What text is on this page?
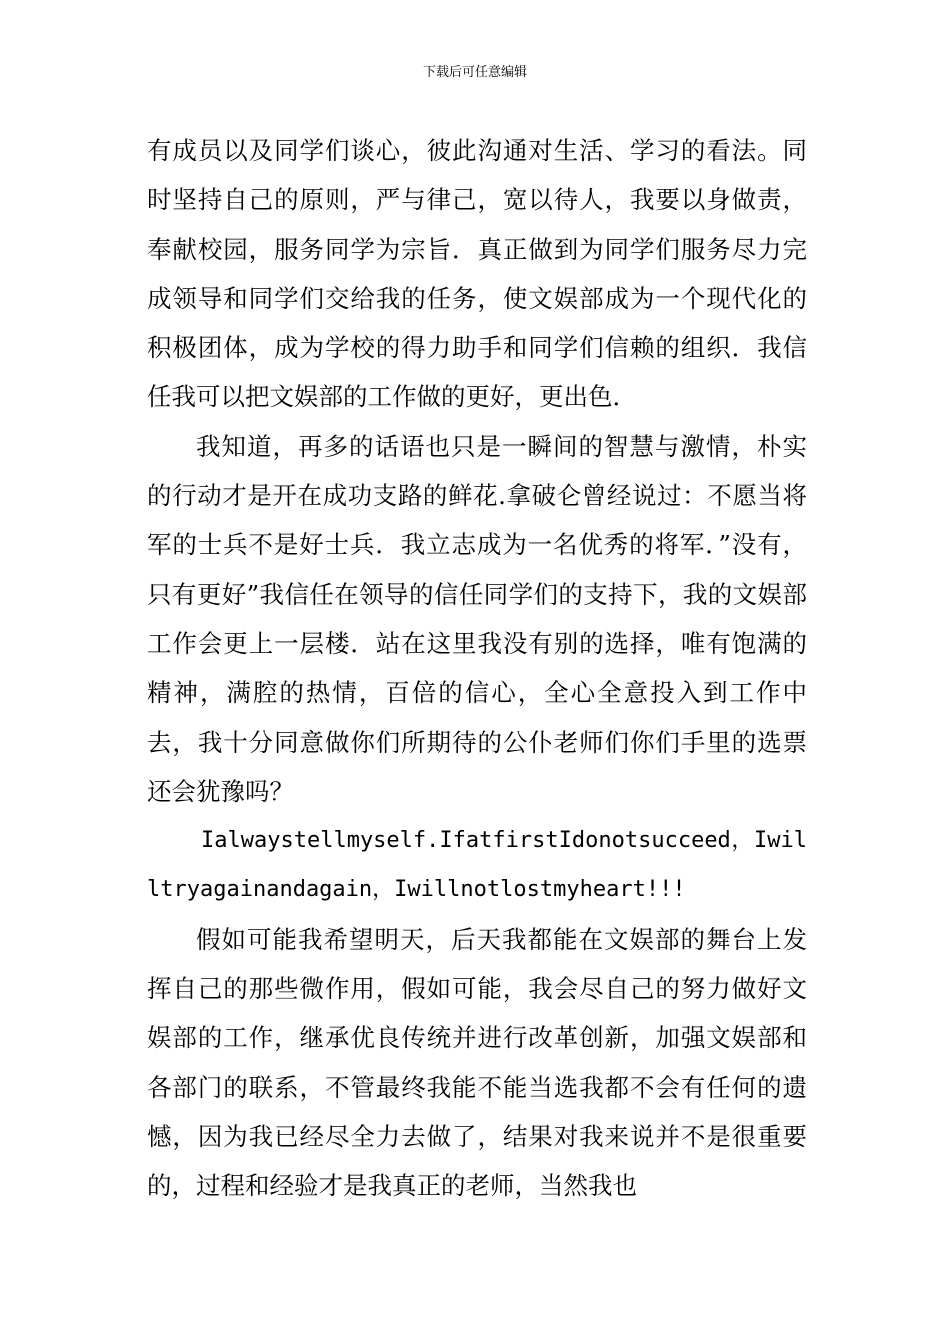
下载后可任意编辑

有成员以及同学们谈心，彼此沟通对生活、学习的看法。同时坚持自己的原则，严与律己，宽以待人，我要以身做责，奉献校园，服务同学为宗旨．真正做到为同学们服务尽力完成领导和同学们交给我的任务，使文娱部成为一个现代化的积极团体，成为学校的得力助手和同学们信赖的组织．我信任我可以把文娱部的工作做的更好，更出色．

我知道，再多的话语也只是一瞬间的智慧与激情，朴实的行动才是开在成功支路的鲜花.拿破仑曾经说过：不愿当将军的士兵不是好士兵．我立志成为一名优秀的将军．”没有，只有更好”我信任在领导的信任同学们的支持下，我的文娱部工作会更上一层楼．站在这里我没有别的选择，唯有饱满的精神，满腔的热情，百倍的信心，全心全意投入到工作中去，我十分同意做你们所期待的公仆老师们你们手里的选票还会犹豫吗？

Ialwaystellmyself.IfatfirstIdonotsucceed，Iwilltryagainandagain，Iwillnotlostmyheart!!!

假如可能我希望明天，后天我都能在文娱部的舞台上发挥自己的那些微作用，假如可能，我会尽自己的努力做好文娱部的工作，继承优良传统并进行改革创新，加强文娱部和各部门的联系，不管最终我能不能当选我都不会有任何的遗憾，因为我已经尽全力去做了，结果对我来说并不是很重要的，过程和经验才是我真正的老师，当然我也
